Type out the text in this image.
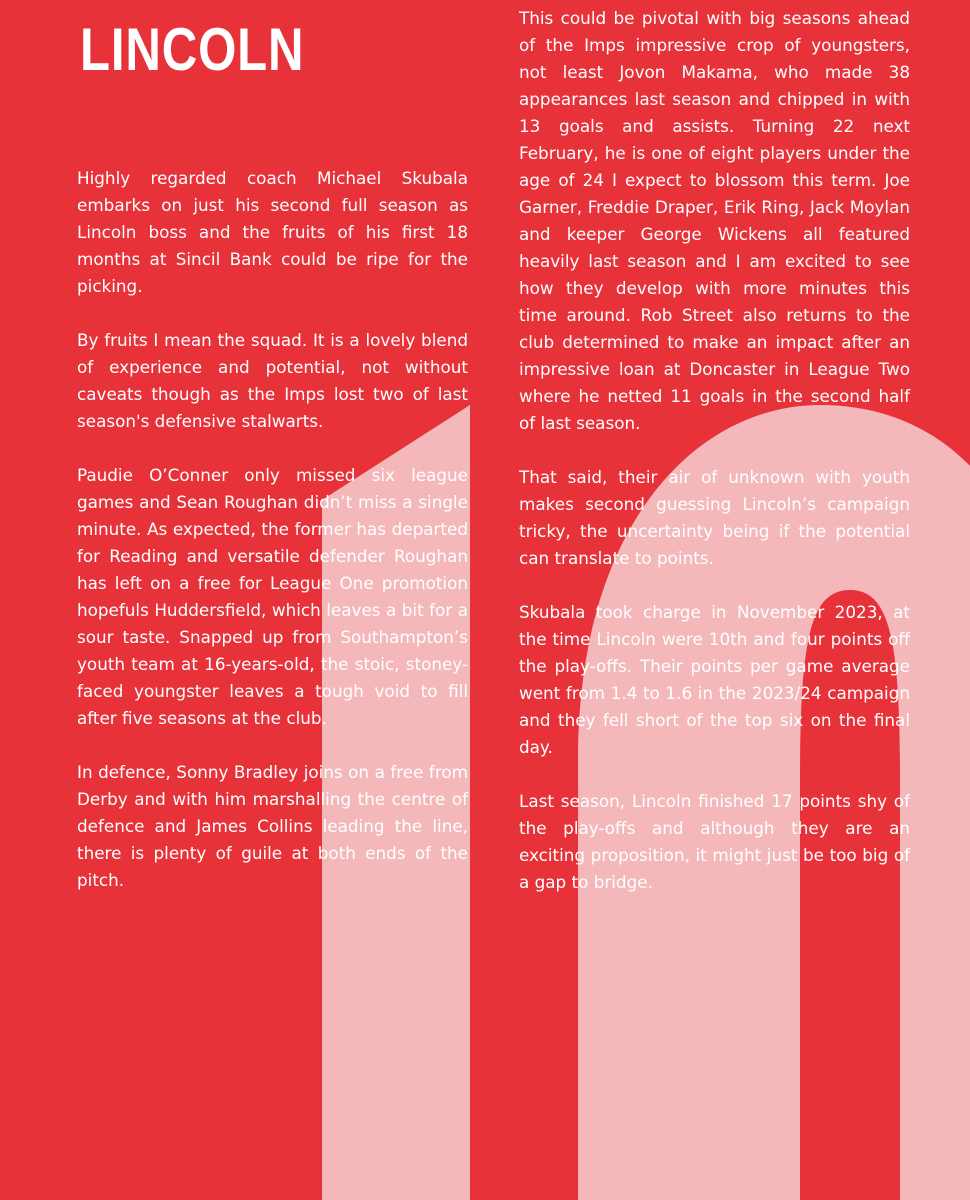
LINCOLN

Highly regarded coach Michael Skubala embarks on just his second full season as Lincoln boss and the fruits of his first 18 months at Sincil Bank could be ripe for the picking.

By fruits I mean the squad. It is a lovely blend of experience and potential, not without caveats though as the Imps lost two of last season's defensive stalwarts.

Paudie O’Conner only missed six league games and Sean Roughan didn’t miss a single minute. As expected, the former has departed for Reading and versatile defender Roughan has left on a free for League One promotion hopefuls Huddersfield, which leaves a bit for a sour taste. Snapped up from Southampton’s youth team at 16-years-old, the stoic, stoney-faced youngster leaves a tough void to fill after five seasons at the club.

In defence, Sonny Bradley joins on a free from Derby and with him marshalling the centre of defence and James Collins leading the line, there is plenty of guile at both ends of the pitch.

This could be pivotal with big seasons ahead of the Imps impressive crop of youngsters, not least Jovon Makama, who made 38 appearances last season and chipped in with 13 goals and assists. Turning 22 next February, he is one of eight players under the age of 24 I expect to blossom this term. Joe Garner, Freddie Draper, Erik Ring, Jack Moylan and keeper George Wickens all featured heavily last season and I am excited to see how they develop with more minutes this time around. Rob Street also returns to the club determined to make an impact after an impressive loan at Doncaster in League Two where he netted 11 goals in the second half of last season.

That said, their air of unknown with youth makes second guessing Lincoln’s campaign tricky, the uncertainty being if the potential can translate to points.

Skubala took charge in November 2023, at the time Lincoln were 10th and four points off the play-offs. Their points per game average went from 1.4 to 1.6 in the 2023/24 campaign and they fell short of the top six on the final day.

Last season, Lincoln finished 17 points shy of the play-offs and although they are an exciting proposition, it might just be too big of a gap to bridge.
